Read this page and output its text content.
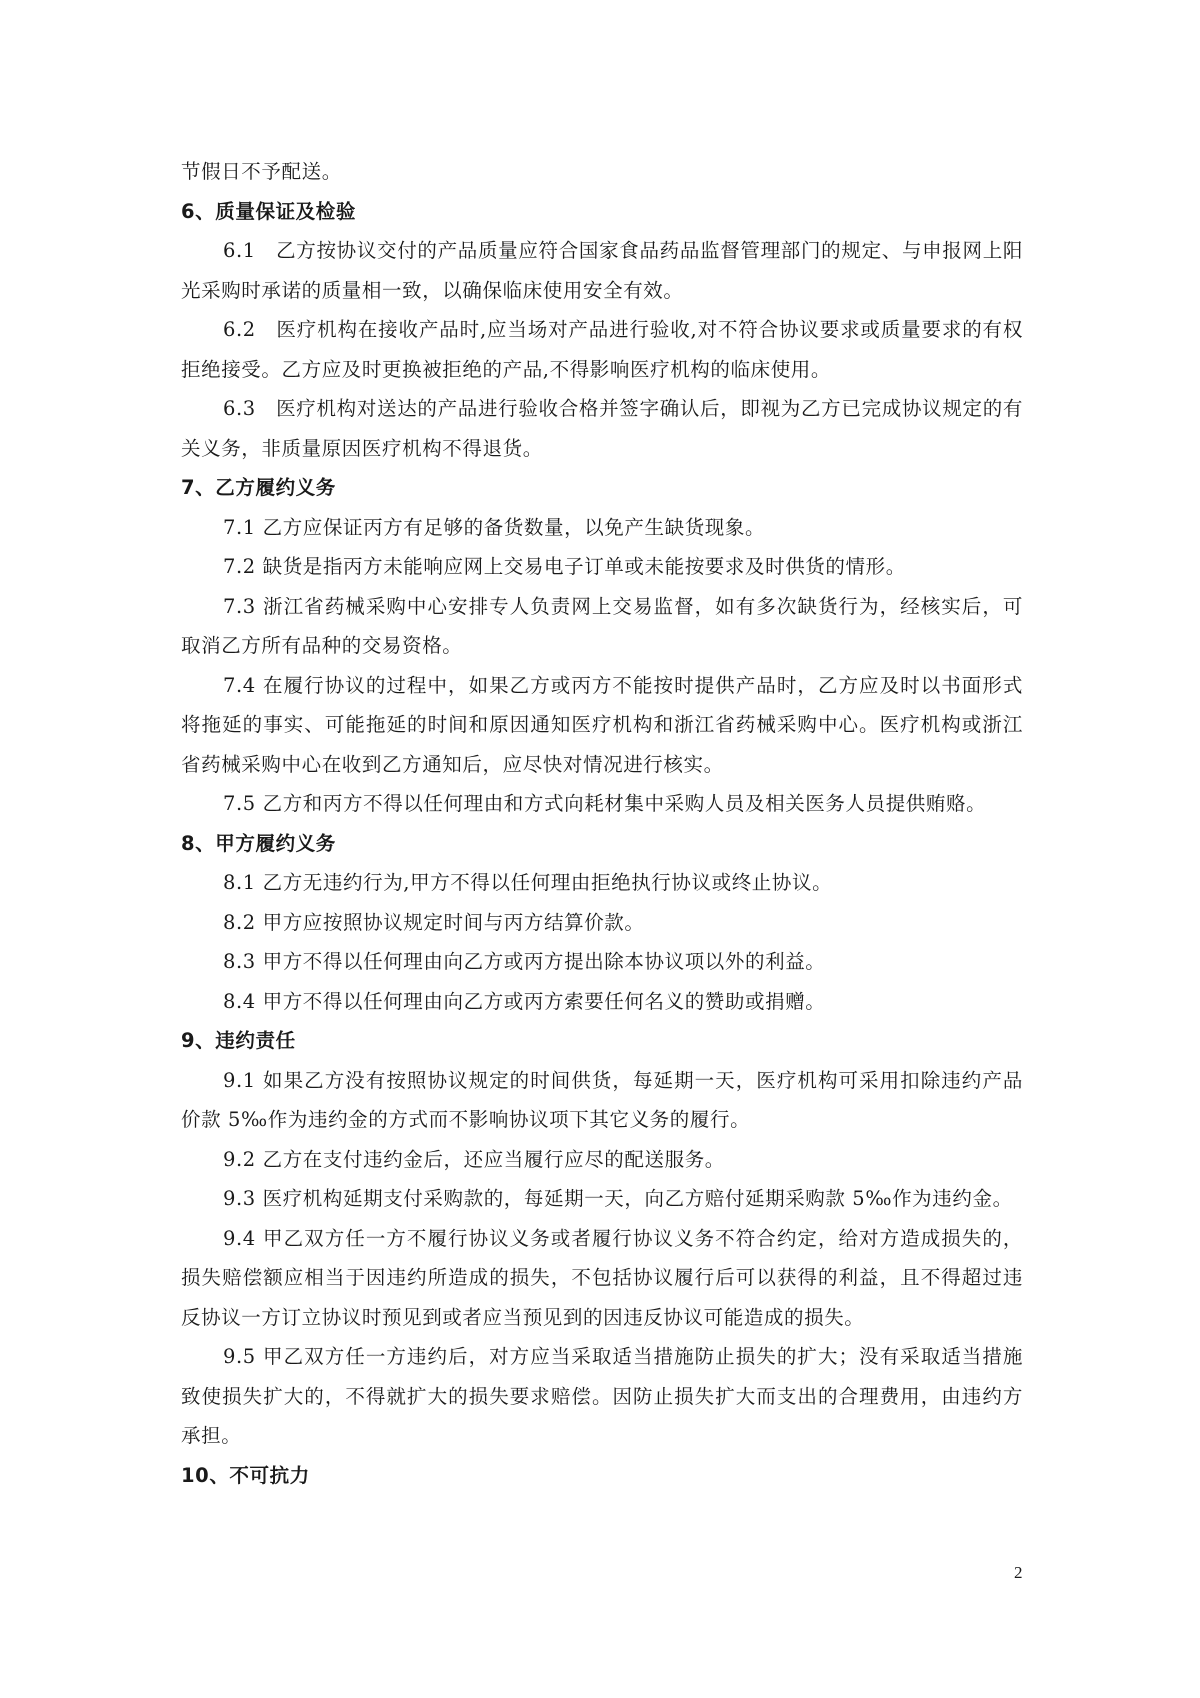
节假日不予配送。

6、质量保证及检验

6.1　乙方按协议交付的产品质量应符合国家食品药品监督管理部门的规定、与申报网上阳光采购时承诺的质量相一致，以确保临床使用安全有效。

6.2　医疗机构在接收产品时,应当场对产品进行验收,对不符合协议要求或质量要求的有权拒绝接受。乙方应及时更换被拒绝的产品,不得影响医疗机构的临床使用。

6.3　医疗机构对送达的产品进行验收合格并签字确认后，即视为乙方已完成协议规定的有关义务，非质量原因医疗机构不得退货。

7、乙方履约义务

7.1 乙方应保证丙方有足够的备货数量，以免产生缺货现象。

7.2 缺货是指丙方未能响应网上交易电子订单或未能按要求及时供货的情形。

7.3 浙江省药械采购中心安排专人负责网上交易监督，如有多次缺货行为，经核实后，可取消乙方所有品种的交易资格。

7.4 在履行协议的过程中，如果乙方或丙方不能按时提供产品时，乙方应及时以书面形式将拖延的事实、可能拖延的时间和原因通知医疗机构和浙江省药械采购中心。医疗机构或浙江省药械采购中心在收到乙方通知后，应尽快对情况进行核实。

7.5 乙方和丙方不得以任何理由和方式向耗材集中采购人员及相关医务人员提供贿赂。

8、甲方履约义务

8.1 乙方无违约行为,甲方不得以任何理由拒绝执行协议或终止协议。

8.2 甲方应按照协议规定时间与丙方结算价款。

8.3 甲方不得以任何理由向乙方或丙方提出除本协议项以外的利益。

8.4 甲方不得以任何理由向乙方或丙方索要任何名义的赞助或捐赠。

9、违约责任

9.1 如果乙方没有按照协议规定的时间供货，每延期一天，医疗机构可采用扣除违约产品价款 5‰作为违约金的方式而不影响协议项下其它义务的履行。

9.2 乙方在支付违约金后，还应当履行应尽的配送服务。

9.3 医疗机构延期支付采购款的，每延期一天，向乙方赔付延期采购款 5‰作为违约金。

9.4 甲乙双方任一方不履行协议义务或者履行协议义务不符合约定，给对方造成损失的，损失赔偿额应相当于因违约所造成的损失，不包括协议履行后可以获得的利益，且不得超过违反协议一方订立协议时预见到或者应当预见到的因违反协议可能造成的损失。

9.5 甲乙双方任一方违约后，对方应当采取适当措施防止损失的扩大；没有采取适当措施致使损失扩大的，不得就扩大的损失要求赔偿。因防止损失扩大而支出的合理费用，由违约方承担。

10、不可抗力

2
